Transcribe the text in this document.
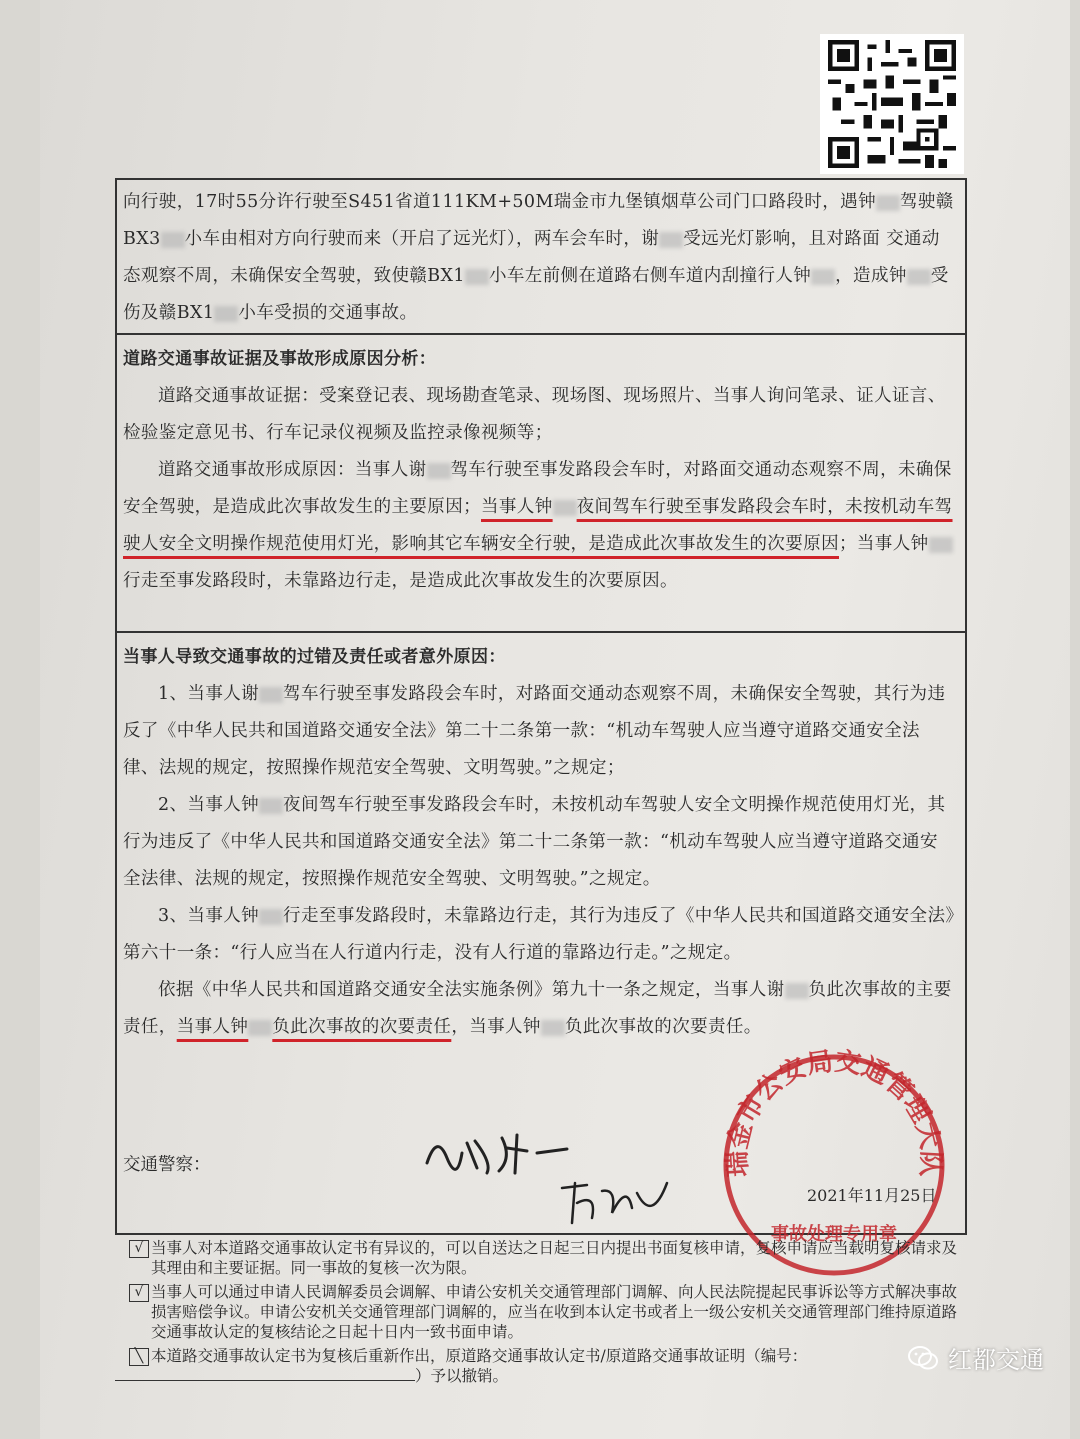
向行驶，17时55分许行驶至S451省道111KM+50M瑞金市九堡镇烟草公司门口路段时，遇钟 驾驶赣 BX3 小车由相对方向行驶而来（开启了远光灯），两车会车时，谢 受远光灯影响，且对路面 交通动态观察不周，未确保安全驾驶，致使赣BX1 小车左前侧在道路右侧车道内刮撞行人钟 ，造成钟 受伤及赣BX1 小车受损的交通事故。

道路交通事故证据及事故形成原因分析：

道路交通事故证据：受案登记表、现场勘查笔录、现场图、现场照片、当事人询问笔录、证人证言、检验鉴定意见书、行车记录仪视频及监控录像视频等；

道路交通事故形成原因：当事人谢 驾车行驶至事发路段会车时，对路面交通动态观察不周，未确保安全驾驶，是造成此次事故发生的主要原因；当事人钟 夜间驾车行驶至事发路段会车时，未按机动车驾驶人安全文明操作规范使用灯光，影响其它车辆安全行驶，是造成此次事故发生的次要原因；当事人钟行走至事发路段时，未靠路边行走，是造成此次事故发生的次要原因。

当事人导致交通事故的过错及责任或者意外原因：

1、当事人谢 驾车行驶至事发路段会车时，对路面交通动态观察不周，未确保安全驾驶，其行为违反了《中华人民共和国道路交通安全法》第二十二条第一款：“机动车驾驶人应当遵守道路交通安全法律、法规的规定，按照操作规范安全驾驶、文明驾驶。”之规定；

2、当事人钟 夜间驾车行驶至事发路段会车时，未按机动车驾驶人安全文明操作规范使用灯光，其行为违反了《中华人民共和国道路交通安全法》第二十二条第一款：“机动车驾驶人应当遵守道路交通安全法律、法规的规定，按照操作规范安全驾驶、文明驾驶。”之规定。

3、当事人钟 行走至事发路段时，未靠路边行走，其行为违反了《中华人民共和国道路交通安全法》第六十一条：“行人应当在人行道内行走，没有人行道的靠路边行走。”之规定。

依据《中华人民共和国道路交通安全法实施条例》第九十一条之规定，当事人谢 负此次事故的主要责任，当事人钟 负此次事故的次要责任，当事人钟 负此次事故的次要责任。

交通警察：
2021年11月25日
瑞金市公安局交通管理大队
事故处理专用章
√ 当事人对本道路交通事故认定书有异议的，可以自送达之日起三日内提出书面复核申请，复核申请应当载明复核请求及其理由和主要证据。同一事故的复核一次为限。
√ 当事人可以通过申请人民调解委员会调解、申请公安机关交通管理部门调解、向人民法院提起民事诉讼等方式解决事故损害赔偿争议。申请公安机关交通管理部门调解的，应当在收到本认定书或者上一级公安机关交通管理部门维持原道路交通事故认定的复核结论之日起十日内一致书面申请。
╲ 本道路交通事故认定书为复核后重新作出，原道路交通事故认定书/原道路交通事故证明（编号：
）予以撤销。
红都交通
